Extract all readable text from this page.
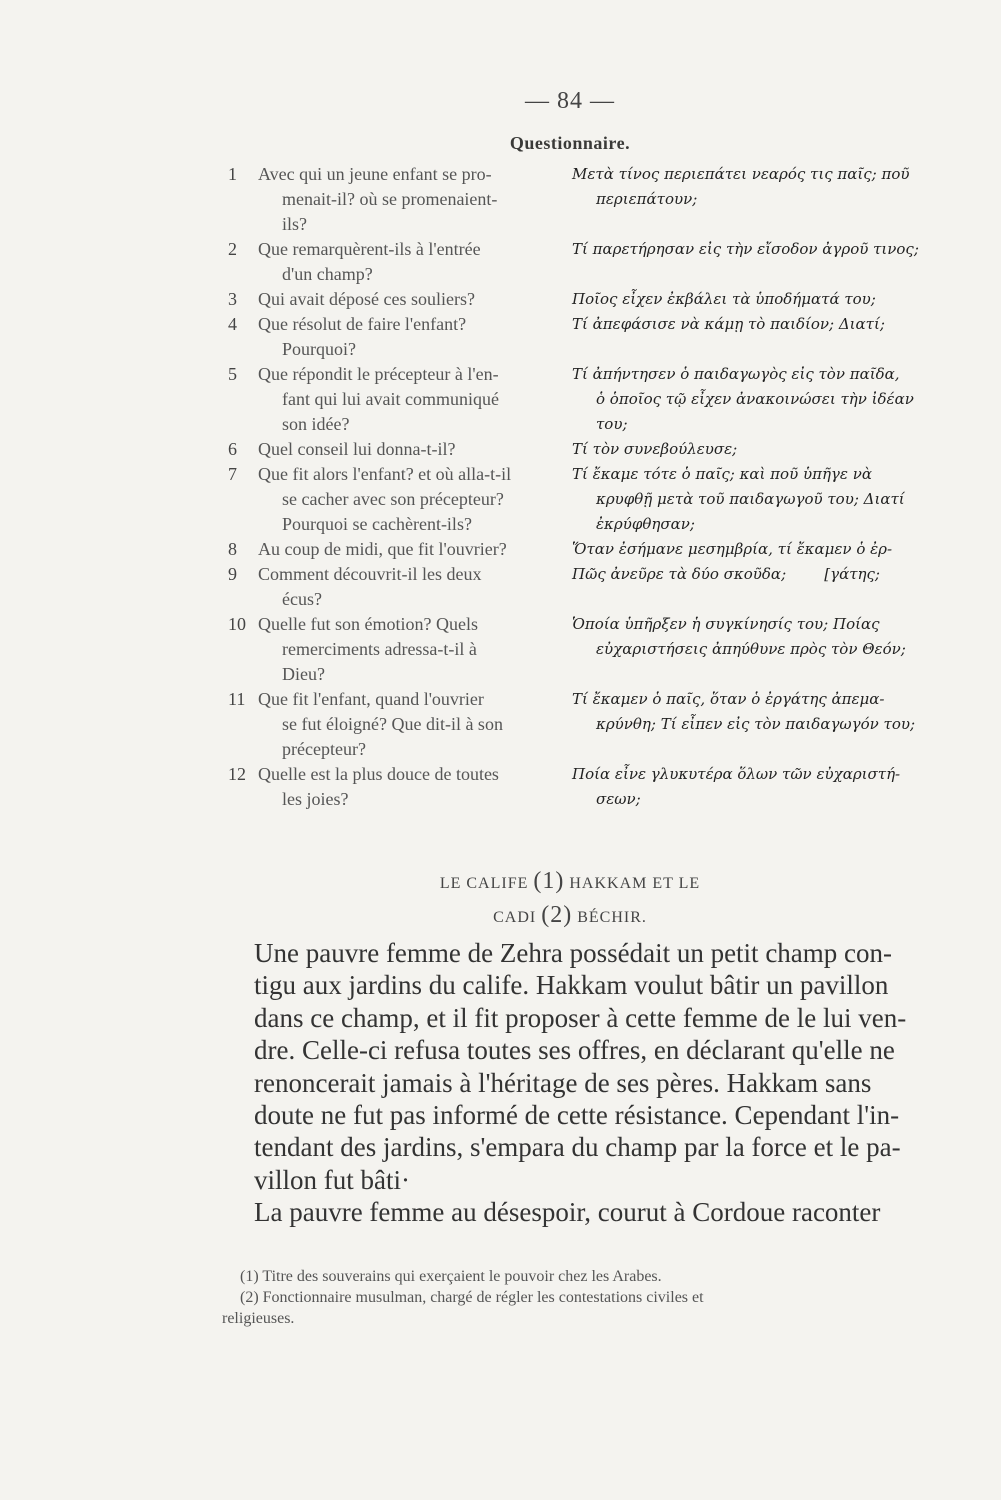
— 84 —
Questionnaire.
1	Avec qui un jeune enfant se pro-
menait-il? où se promenaient-
ils?
Μετὰ τίνος περιεπάτει νεαρός τις παῖς; ποῦ
περιεπάτουν;
2	Que remarquèrent-ils à l'entrée
d'un champ?
Τί παρετήρησαν εἰς τὴν εἴσοδον ἀγροῦ τινος;
3	Qui avait déposé ces souliers?	Ποῖος εἶχεν ἐκβάλει τὰ ὑποδήματά του;
4	Que résolut de faire l'enfant?
Pourquoi?
Τί ἀπεφάσισε νὰ κάμῃ τὸ παιδίον; Διατί;
5	Que répondit le précepteur à l'en-
fant qui lui avait communiqué
son idée?
Τί ἀπήντησεν ὁ παιδαγωγὸς εἰς τὸν παῖδα,
ὁ ὁποῖος τῷ εἶχεν ἀνακοινώσει τὴν ἰδέαν
του;
6	Quel conseil lui donna-t-il?	Τί τὸν συνεβούλευσε;
7	Que fit alors l'enfant? et où alla-t-il
se cacher avec son précepteur?
Pourquoi se cachèrent-ils?
Τί ἔκαμε τότε ὁ παῖς; καὶ ποῦ ὑπῆγε νὰ
κρυφθῇ μετὰ τοῦ παιδαγωγοῦ του; Διατί
ἐκρύφθησαν;
8	Au coup de midi, que fit l'ouvrier?	Ὅταν ἐσήμανε μεσημβρία, τί ἔκαμεν ὁ ἐρ-
9	Comment découvrit-il les deux
écus?
Πῶς ἀνεῦρε τὰ δύο σκοῦδα;        [γάτης;
10 Quelle fut son émotion? Quels
remerciments adressa-t-il à
Dieu?
Ὁποία ὑπῆρξεν ἡ συγκίνησίς του; Ποίας
εὐχαριστήσεις ἀπηύθυνε πρὸς τὸν Θεόν;
11 Que fit l'enfant, quand l'ouvrier
se fut éloigné? Que dit-il à son
précepteur?
Τί ἔκαμεν ὁ παῖς, ὅταν ὁ ἐργάτης ἀπεμα-
κρύνθη; Τί εἶπεν εἰς τὸν παιδαγωγόν του;
12 Quelle est la plus douce de toutes
les joies?
Ποία εἶνε γλυκυτέρα ὅλων τῶν εὐχαριστή-
σεων;
LE CALIFE (1) HAKKAM ET LE
CADI (2) BÉCHIR.
Une pauvre femme de Zehra possédait un petit champ con-
tigu aux jardins du calife. Hakkam voulut bâtir un pavillon
dans ce champ, et il fit proposer à cette femme de le lui ven-
dre. Celle-ci refusa toutes ses offres, en déclarant qu'elle ne
renoncerait jamais à l'héritage de ses pères. Hakkam sans
doute ne fut pas informé de cette résistance. Cependant l'in-
tendant des jardins, s'empara du champ par la force et le pa-
villon fut bâti·
La pauvre femme au désespoir, courut à Cordoue raconter
(1) Titre des souverains qui exerçaient le pouvoir chez les Arabes.
(2) Fonctionnaire musulman, chargé de régler les contestations civiles et
religieuses.
